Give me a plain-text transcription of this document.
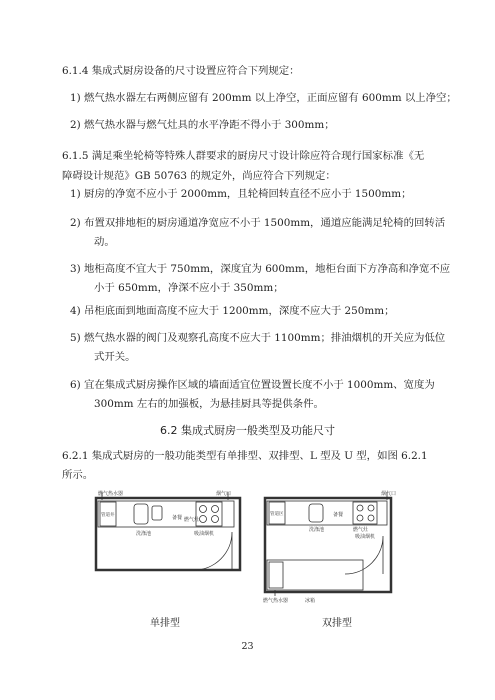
6.1.4 集成式厨房设备的尺寸设置应符合下列规定：
1) 燃气热水器左右两侧应留有 200mm 以上净空，正面应留有 600mm 以上净空；
2) 燃气热水器与燃气灶具的水平净距不得小于 300mm；
6.1.5 满足乘坐轮椅等特殊人群要求的厨房尺寸设计除应符合现行国家标准《无
障碍设计规范》GB 50763 的规定外，尚应符合下列规定：
1) 厨房的净宽不应小于 2000mm，且轮椅回转直径不应小于 1500mm；
2) 布置双排地柜的厨房通道净宽应不小于 1500mm，通道应能满足轮椅的回转活
动。
3) 地柜高度不宜大于 750mm，深度宜为 600mm，地柜台面下方净高和净宽不应
小于 650mm，净深不应小于 350mm；
4) 吊柜底面到地面高度不应大于 1200mm，深度不应大于 250mm；
5) 燃气热水器的阀门及观察孔高度不应大于 1100mm；排油烟机的开关应为低位
式开关。
6) 宜在集成式厨房操作区域的墙面适宜位置设置长度不小于 1000mm、宽度为
300mm 左右的加强板，为悬挂厨具等提供条件。
6.2 集成式厨房一般类型及功能尺寸
6.2.1 集成式厨房的一般功能类型有单排型、双排型、L 型及 U 型，如图 6.2.1
所示。
燃气热水器	烟气口
管道井
洗涤池
备餐 燃气灶
吸油烟机
烟气口
管道区
洗涤池
备餐
燃气灶
吸油烟机
燃气热水器	冰箱
单排型	双排型
23
